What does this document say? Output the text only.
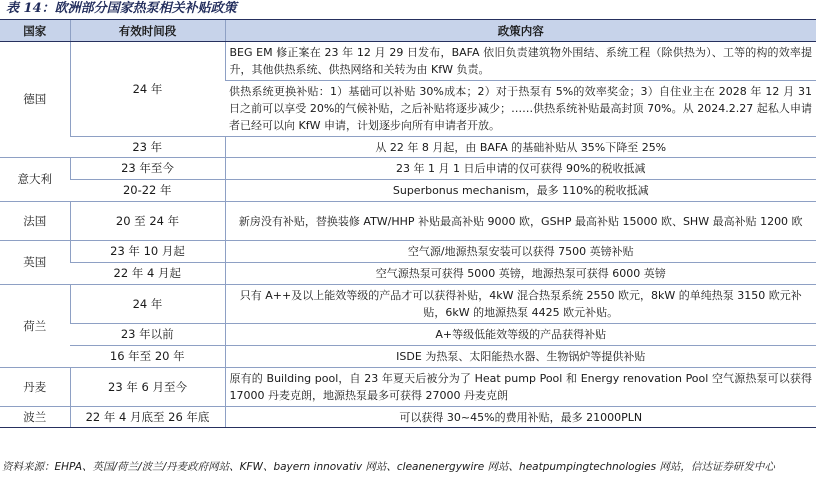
表 14：欧洲部分国家热泵相关补贴政策
国家	有效时间段	政策内容
德国	24 年	BEG EM 修正案在 23 年 12 月 29 日发布，BAFA 依旧负责建筑物外围结、系统工程（除供热为）、工等的构的效率提升，其他供热系统、供热网络和关转为由 KfW 负责。
		供热系统更换补贴：1）基础可以补贴 30%成本；2）对于热泵有 5%的效率奖金；3）自住业主在 2028 年 12 月 31 日之前可以享受 20%的气候补贴，之后补贴将逐步减少；……供热系统补贴最高封顶 70%。从 2024.2.27 起私人申请者已经可以向 KfW 申请，计划逐步向所有申请者开放。
	23 年	从 22 年 8 月起，由 BAFA 的基础补贴从 35%下降至 25%
意大利	23 年至今	23 年 1 月 1 日后申请的仅可获得 90%的税收抵减
	20-22 年	Superbonus mechanism，最多 110%的税收抵减
法国	20 至 24 年	新房没有补贴，替换装修 ATW/HHP 补贴最高补贴 9000 欧，GSHP 最高补贴 15000 欧、SHW 最高补贴 1200 欧
英国	23 年 10 月起	空气源/地源热泵安装可以获得 7500 英镑补贴
	22 年 4 月起	空气源热泵可获得 5000 英镑，地源热泵可获得 6000 英镑
荷兰	24 年	只有 A++及以上能效等级的产品才可以获得补贴，4kW 混合热泵系统 2550 欧元，8kW 的单纯热泵 3150 欧元补贴，6kW 的地源热泵 4425 欧元补贴。
	23 年以前	A+等级低能效等级的产品获得补贴
	16 年至 20 年	ISDE 为热泵、太阳能热水器、生物锅炉等提供补贴
丹麦	23 年 6 月至今	原有的 Building pool，自 23 年夏天后被分为了 Heat pump Pool 和 Energy renovation Pool 空气源热泵可以获得 17000 丹麦克朗，地源热泵最多可获得 27000 丹麦克朗
波兰	22 年 4 月底至 26 年底	可以获得 30~45%的费用补贴，最多 21000PLN
资料来源：EHPA、英国/荷兰/波兰/丹麦政府网站、KFW、bayern innovativ 网站、cleanenergywire 网站、heatpumpingtechnologies 网站，信达证券研发中心
